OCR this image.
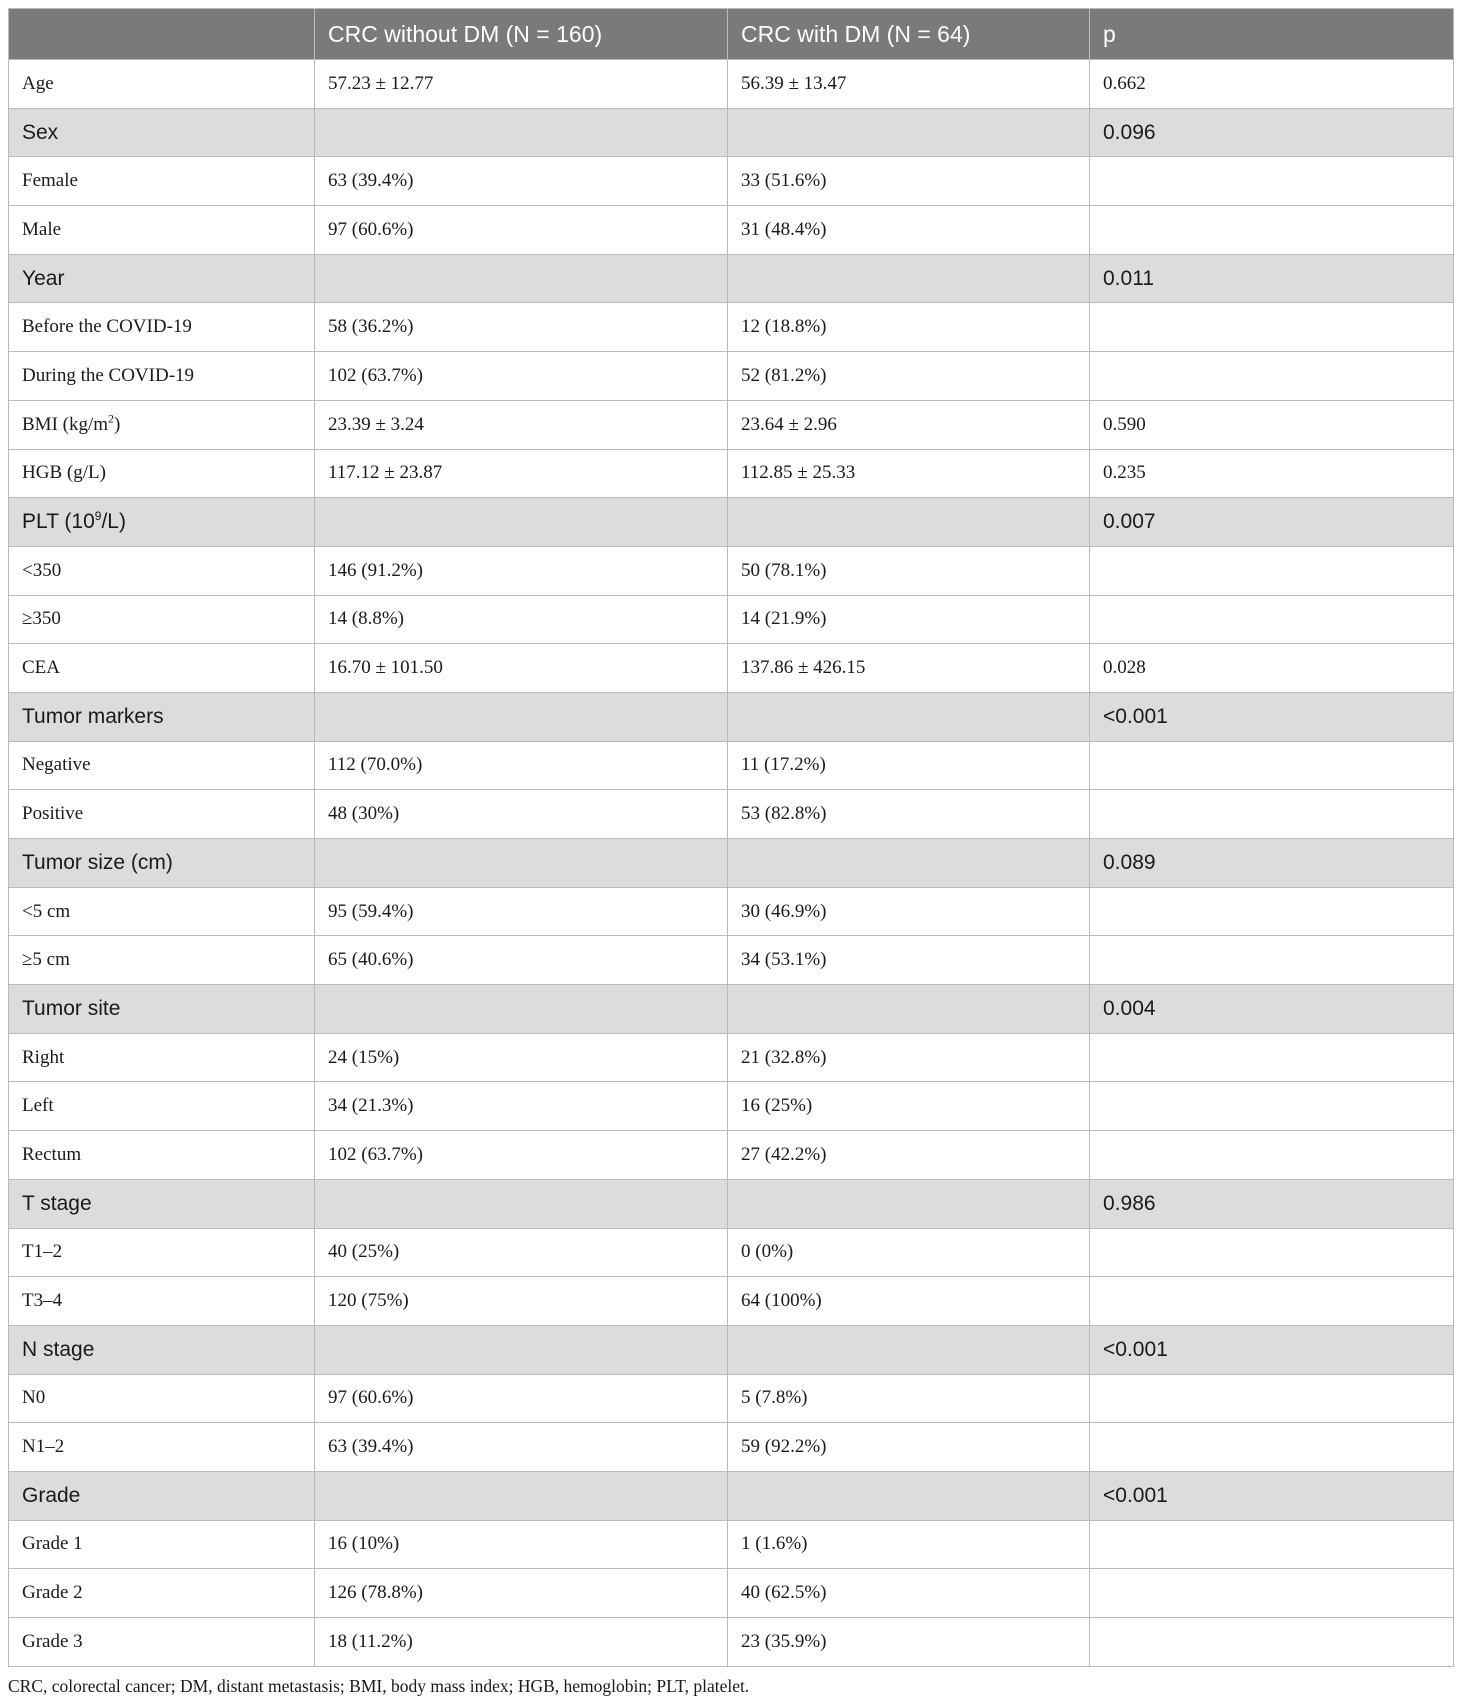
	CRC without DM (N = 160)	CRC with DM (N = 64)	p
Age	57.23 ± 12.77	56.39 ± 13.47	0.662
Sex			0.096
Female	63 (39.4%)	33 (51.6%)	
Male	97 (60.6%)	31 (48.4%)	
Year			0.011
Before the COVID-19	58 (36.2%)	12 (18.8%)	
During the COVID-19	102 (63.7%)	52 (81.2%)	
BMI $(kg/m^2)$	23.39 ± 3.24	23.64 ± 2.96	0.590
HGB (g/L)	117.12 ± 23.87	112.85 ± 25.33	0.235
PLT $(10^9/L)$			0.007
<350	146 (91.2%)	50 (78.1%)	
≥350	14 (8.8%)	14 (21.9%)	
CEA	16.70 ± 101.50	137.86 ± 426.15	0.028
Tumor markers			<0.001
Negative	112 (70.0%)	11 (17.2%)	
Positive	48 (30%)	53 (82.8%)	
Tumor size (cm)			0.089
<5 cm	95 (59.4%)	30 (46.9%)	
≥5 cm	65 (40.6%)	34 (53.1%)	
Tumor site			0.004
Right	24 (15%)	21 (32.8%)	
Left	34 (21.3%)	16 (25%)	
Rectum	102 (63.7%)	27 (42.2%)	
T stage			0.986
T1–2	40 (25%)	0 (0%)	
T3–4	120 (75%)	64 (100%)	
N stage			<0.001
N0	97 (60.6%)	5 (7.8%)	
N1–2	63 (39.4%)	59 (92.2%)	
Grade			<0.001
Grade 1	16 (10%)	1 (1.6%)	
Grade 2	126 (78.8%)	40 (62.5%)	
Grade 3	18 (11.2%)	23 (35.9%)	
CRC, colorectal cancer; DM, distant metastasis; BMI, body mass index; HGB, hemoglobin; PLT, platelet.
